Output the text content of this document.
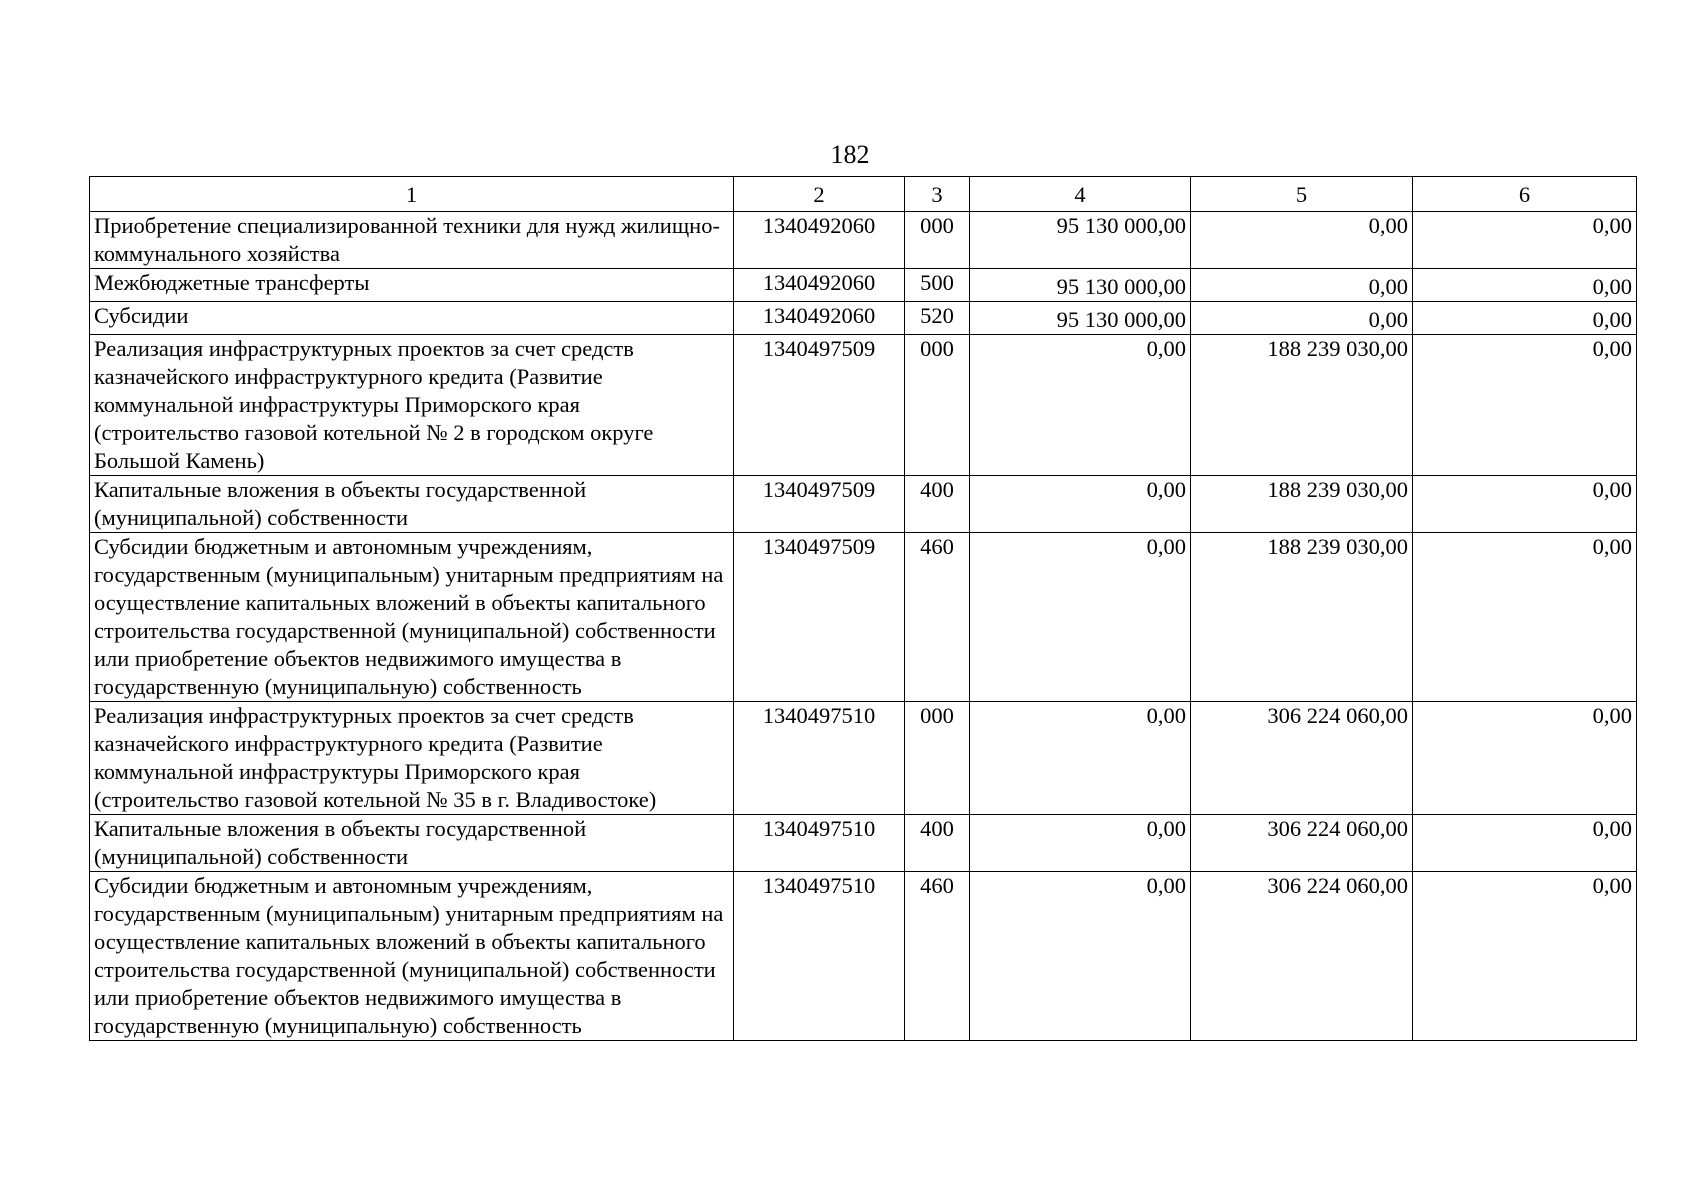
182
1	2	3	4	5	6
Приобретение специализированной техники для нужд жилищно-коммунального хозяйства	1340492060	000	95 130 000,00	0,00	0,00
Межбюджетные трансферты	1340492060	500	95 130 000,00	0,00	0,00
Субсидии	1340492060	520	95 130 000,00	0,00	0,00
Реализация инфраструктурных проектов за счет средств казначейского инфраструктурного кредита (Развитие коммунальной инфраструктуры Приморского края (строительство газовой котельной № 2 в городском округе Большой Камень)	1340497509	000	0,00	188 239 030,00	0,00
Капитальные вложения в объекты государственной (муниципальной) собственности	1340497509	400	0,00	188 239 030,00	0,00
Субсидии бюджетным и автономным учреждениям, государственным (муниципальным) унитарным предприятиям на осуществление капитальных вложений в объекты капитального строительства государственной (муниципальной) собственности или приобретение объектов недвижимого имущества в государственную (муниципальную) собственность	1340497509	460	0,00	188 239 030,00	0,00
Реализация инфраструктурных проектов за счет средств казначейского инфраструктурного кредита (Развитие коммунальной инфраструктуры Приморского края (строительство газовой котельной № 35 в г. Владивостоке)	1340497510	000	0,00	306 224 060,00	0,00
Капитальные вложения в объекты государственной (муниципальной) собственности	1340497510	400	0,00	306 224 060,00	0,00
Субсидии бюджетным и автономным учреждениям, государственным (муниципальным) унитарным предприятиям на осуществление капитальных вложений в объекты капитального строительства государственной (муниципальной) собственности или приобретение объектов недвижимого имущества в государственную (муниципальную) собственность	1340497510	460	0,00	306 224 060,00	0,00
